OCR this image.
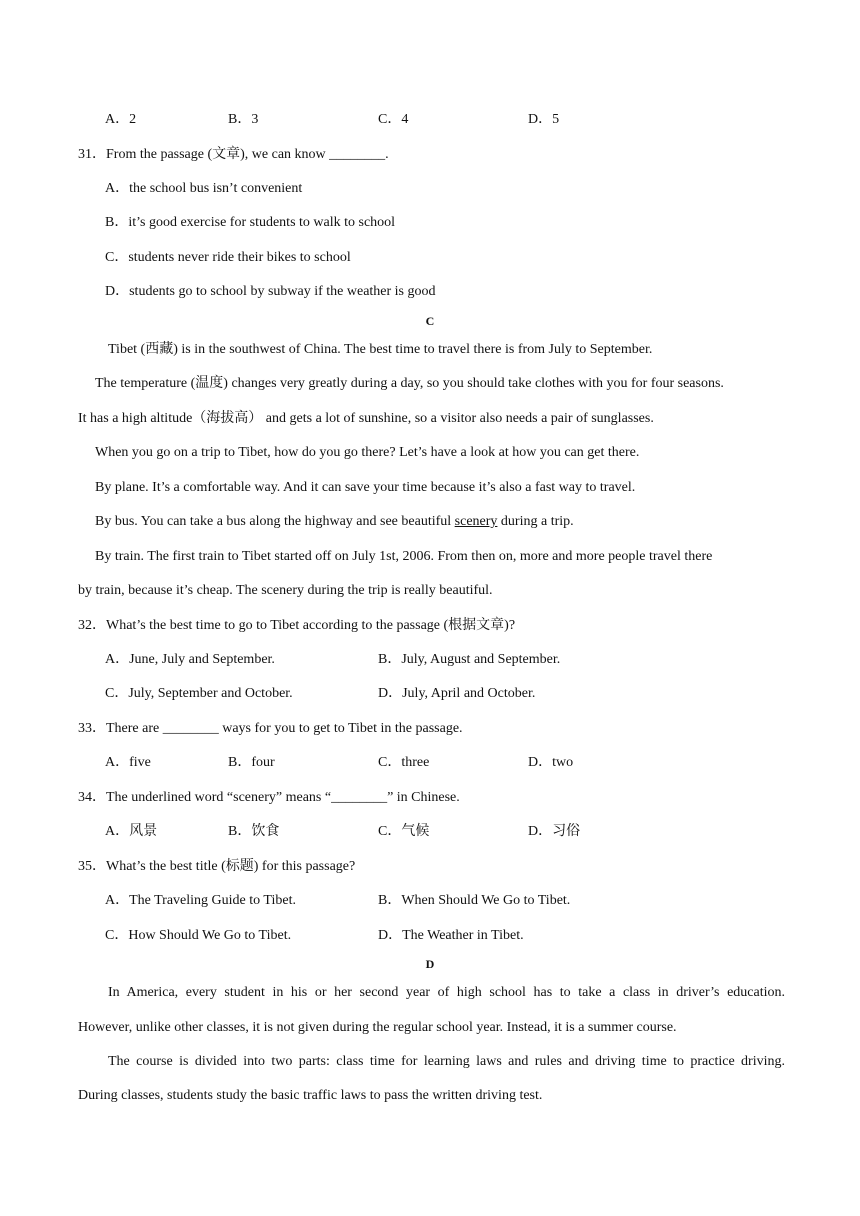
A．2	B．3	C．4	D．5
31．From the passage (文章), we can know ________.
A．the school bus isn’t convenient
B．it’s good exercise for students to walk to school
C．students never ride their bikes to school
D．students go to school by subway if the weather is good
C
Tibet (西藏) is in the southwest of China. The best time to travel there is from July to September.
The temperature (温度) changes very greatly during a day, so you should take clothes with you for four seasons.
It has a high altitude（海拔高） and gets a lot of sunshine, so a visitor also needs a pair of sunglasses.
When you go on a trip to Tibet, how do you go there? Let’s have a look at how you can get there.
By plane. It’s a comfortable way. And it can save your time because it’s also a fast way to travel.
By bus. You can take a bus along the highway and see beautiful scenery during a trip.
By train. The first train to Tibet started off on July 1st, 2006. From then on, more and more people travel there
by train, because it’s cheap. The scenery during the trip is really beautiful.
32．What’s the best time to go to Tibet according to the passage (根据文章)?
A．June, July and September.	B．July, August and September.
C．July, September and October.	D．July, April and October.
33．There are ________ ways for you to get to Tibet in the passage.
A．five	B．four	C．three	D．two
34．The underlined word “scenery” means “________” in Chinese.
A．风景	B．饮食	C．气候	D．习俗
35．What’s the best title (标题) for this passage?
A．The Traveling Guide to Tibet.	B．When Should We Go to Tibet.
C．How Should We Go to Tibet.	D．The Weather in Tibet.
D
In America, every student in his or her second year of high school has to take a class in driver’s education.
However, unlike other classes, it is not given during the regular school year. Instead, it is a summer course.
The course is divided into two parts: class time for learning laws and rules and driving time to practice driving.
During classes, students study the basic traffic laws to pass the written driving test.
